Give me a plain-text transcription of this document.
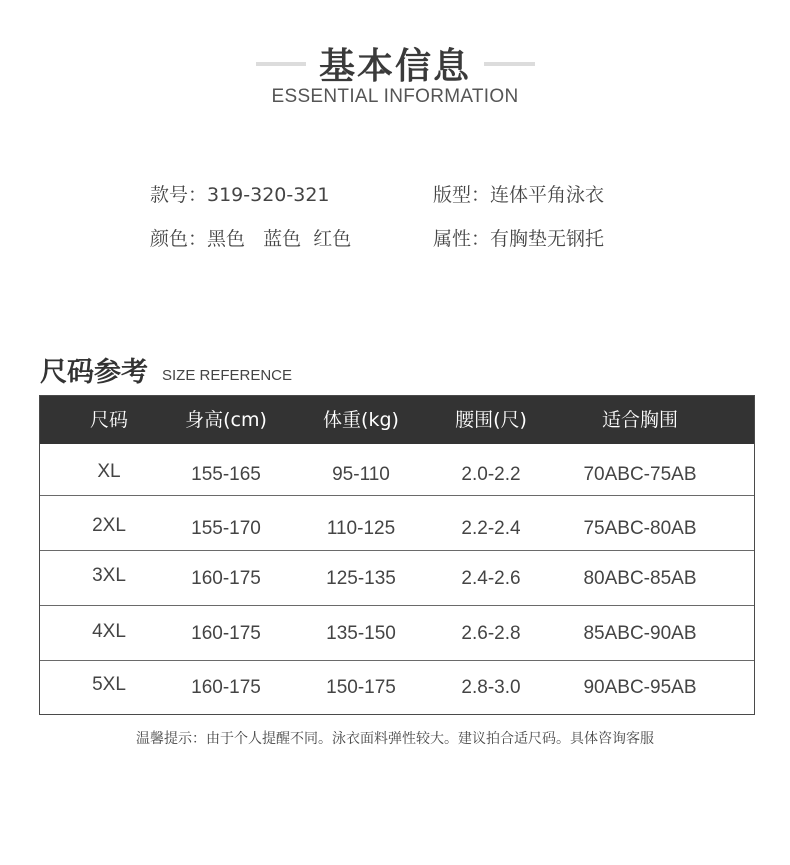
基本信息
ESSENTIAL INFORMATION
款号：319-320-321
颜色：黑色   蓝色  红色
版型：连体平角泳衣
属性：有胸垫无钢托
尺码参考 SIZE REFERENCE
尺码	身高(cm)	体重(kg)	腰围(尺)	适合胸围
XL	155-165	95-110	2.0-2.2	70ABC-75AB
2XL	155-170	110-125	2.2-2.4	75ABC-80AB
3XL	160-175	125-135	2.4-2.6	80ABC-85AB
4XL	160-175	135-150	2.6-2.8	85ABC-90AB
5XL	160-175	150-175	2.8-3.0	90ABC-95AB
温馨提示：由于个人提醒不同。泳衣面料弹性较大。建议拍合适尺码。具体咨询客服
